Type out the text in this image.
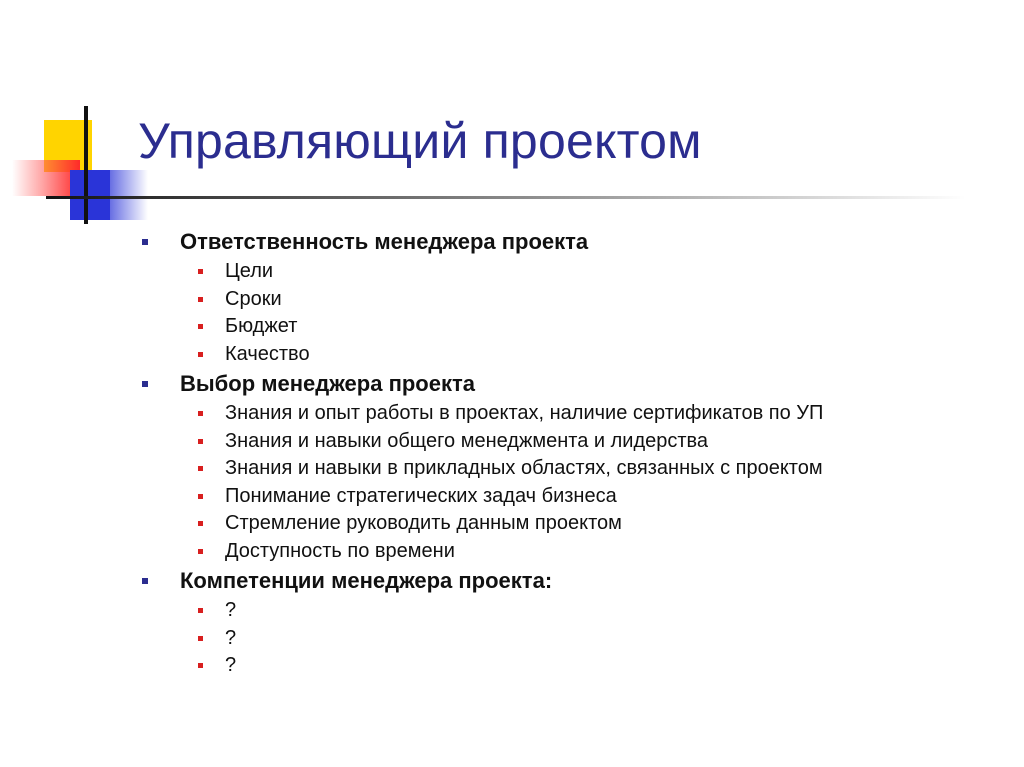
Управляющий проектом
Ответственность менеджера проекта
Цели
Сроки
Бюджет
Качество
Выбор менеджера проекта
Знания и опыт работы в проектах, наличие сертификатов по УП
Знания и навыки общего менеджмента и лидерства
Знания и навыки в прикладных областях, связанных с проектом
Понимание стратегических задач бизнеса
Стремление руководить данным проектом
Доступность по времени
Компетенции менеджера проекта:
?
?
?
